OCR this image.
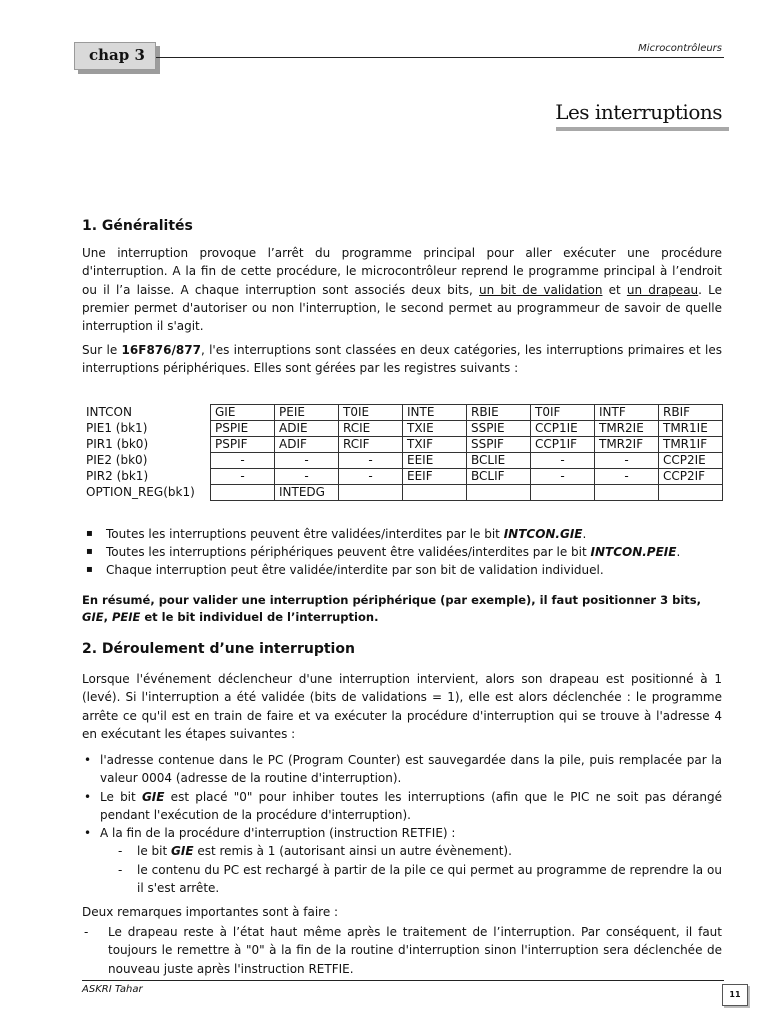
chap 3	Microcontrôleurs
Les interruptions
1. Généralités
Une interruption provoque l’arrêt du programme principal pour aller exécuter une procédure d'interruption. A la fin de cette procédure, le microcontrôleur reprend le programme principal à l’endroit ou il l’a laisse. A chaque interruption sont associés deux bits, un bit de validation et un drapeau. Le premier permet d'autoriser ou non l'interruption, le second permet au programmeur de savoir de quelle interruption il s'agit.
Sur le 16F876/877, l'es interruptions sont classées en deux catégories, les interruptions primaires et les interruptions périphériques. Elles sont gérées par les registres suivants :
INTCON	GIE	PEIE	T0IE	INTE	RBIE	T0IF	INTF	RBIF
PIE1 (bk1)	PSPIE	ADIE	RCIE	TXIE	SSPIE	CCP1IE	TMR2IE	TMR1IE
PIR1 (bk0)	PSPIF	ADIF	RCIF	TXIF	SSPIF	CCP1IF	TMR2IF	TMR1IF
PIE2 (bk0)	-	-	-	EEIE	BCLIE	-	-	CCP2IE
PIR2 (bk1)	-	-	-	EEIF	BCLIF	-	-	CCP2IF
OPTION_REG(bk1)		INTEDG						
▪ Toutes les interruptions peuvent être validées/interdites par le bit INTCON.GIE.
▪ Toutes les interruptions périphériques peuvent être validées/interdites par le bit INTCON.PEIE.
▪ Chaque interruption peut être validée/interdite par son bit de validation individuel.
En résumé, pour valider une interruption périphérique (par exemple), il faut positionner 3 bits, GIE, PEIE et le bit individuel de l’interruption.
2. Déroulement d’une interruption
Lorsque l'événement déclencheur d'une interruption intervient, alors son drapeau est positionné à 1 (levé). Si l'interruption a été validée (bits de validations = 1), elle est alors déclenchée : le programme arrête ce qu'il est en train de faire et va exécuter la procédure d'interruption qui se trouve à l'adresse 4 en exécutant les étapes suivantes :
• l'adresse contenue dans le PC (Program Counter) est sauvegardée dans la pile, puis remplacée par la valeur 0004 (adresse de la routine d'interruption).
• Le bit GIE est placé "0" pour inhiber toutes les interruptions (afin que le PIC ne soit pas dérangé pendant l'exécution de la procédure d'interruption).
• A la fin de la procédure d'interruption (instruction RETFIE) :
- le bit GIE est remis à 1 (autorisant ainsi un autre évènement).
- le contenu du PC est rechargé à partir de la pile ce qui permet au programme de reprendre la ou il s'est arrête.
Deux remarques importantes sont à faire :
- Le drapeau reste à l’état haut même après le traitement de l’interruption. Par conséquent, il faut toujours le remettre à "0" à la fin de la routine d'interruption sinon l'interruption sera déclenchée de nouveau juste après l'instruction RETFIE.
ASKRI Tahar	11
